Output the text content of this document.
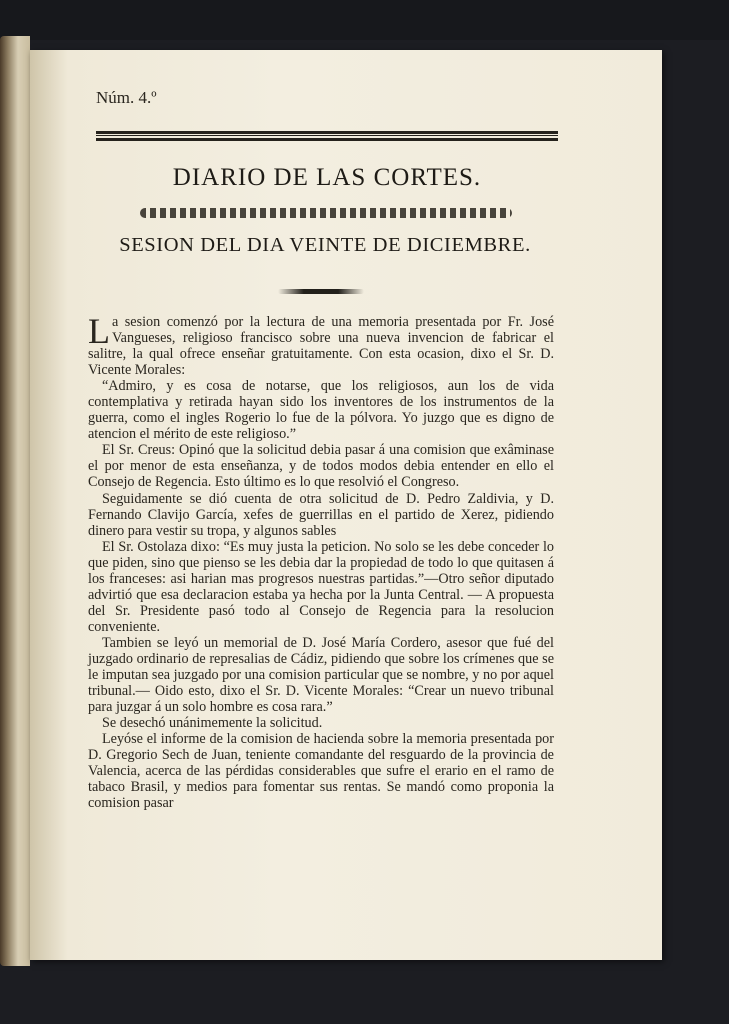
Núm. 4.º
DIARIO DE LAS CORTES.
SESION DEL DIA VEINTE DE DICIEMBRE.

La sesion comenzó por la lectura de una memoria presentada por Fr. José Vangueses, religioso francisco sobre una nueva invencion de fabricar el salitre, la qual ofrece enseñar gratuitamente. Con esta ocasion, dixo el Sr. D. Vicente Morales:

“Admiro, y es cosa de notarse, que los religiosos, aun los de vida contemplativa y retirada hayan sido los inventores de los instrumentos de la guerra, como el ingles Rogerio lo fue de la pólvora. Yo juzgo que es digno de atencion el mérito de este religioso.”

El Sr. Creus: Opinó que la solicitud debia pasar á una comision que exâminase el por menor de esta enseñanza, y de todos modos debia entender en ello el Consejo de Regencia. Esto último es lo que resolvió el Congreso.

Seguidamente se dió cuenta de otra solicitud de D. Pedro Zaldivia, y D. Fernando Clavijo García, xefes de guerrillas en el partido de Xerez, pidiendo dinero para vestir su tropa, y algunos sables

El Sr. Ostolaza dixo: “Es muy justa la peticion. No solo se les debe conceder lo que piden, sino que pienso se les debia dar la propiedad de todo lo que quitasen á los franceses: asi harian mas progresos nuestras partidas.”—Otro señor diputado advirtió que esa declaracion estaba ya hecha por la Junta Central. — A propuesta del Sr. Presidente pasó todo al Consejo de Regencia para la resolucion conveniente.

Tambien se leyó un memorial de D. José María Cordero, asesor que fué del juzgado ordinario de represalias de Cádiz, pidiendo que sobre los crímenes que se le imputan sea juzgado por una comision particular que se nombre, y no por aquel tribunal.— Oido esto, dixo el Sr. D. Vicente Morales: “Crear un nuevo tribunal para juzgar á un solo hombre es cosa rara.”

Se desechó unánimemente la solicitud.

Leyóse el informe de la comision de hacienda sobre la memoria presentada por D. Gregorio Sech de Juan, teniente comandante del resguardo de la provincia de Valencia, acerca de las pérdidas considerables que sufre el erario en el ramo de tabaco Brasil, y medios para fomentar sus rentas. Se mandó como proponia la comision pasar
